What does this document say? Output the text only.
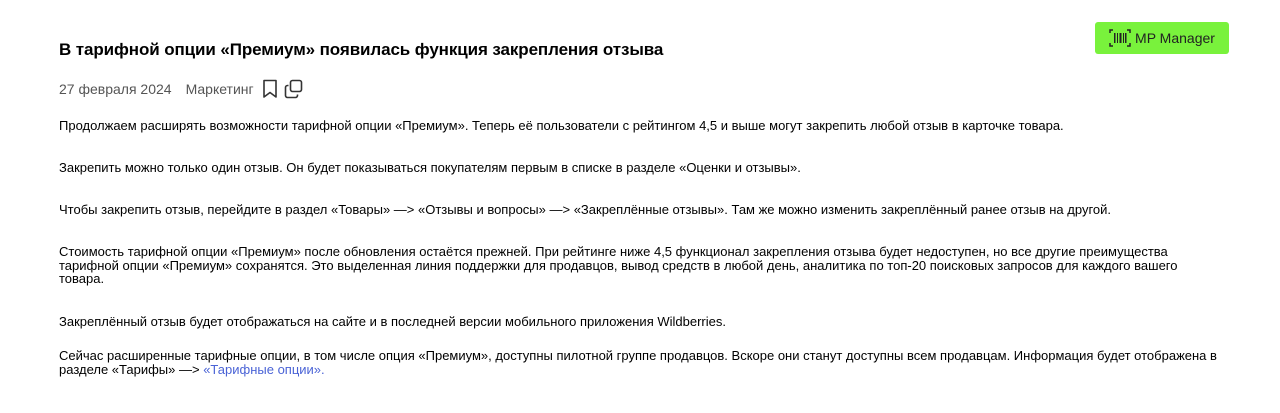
MP Manager
В тарифной опции «Премиум» появилась функция закрепления отзыва
27 февраля 2024 Маркетинг

Продолжаем расширять возможности тарифной опции «Премиум». Теперь её пользователи с рейтингом 4,5 и выше могут закрепить любой отзыв в карточке товара.

Закрепить можно только один отзыв. Он будет показываться покупателям первым в списке в разделе «Оценки и отзывы».

Чтобы закрепить отзыв, перейдите в раздел «Товары» —> «Отзывы и вопросы» —> «Закреплённые отзывы». Там же можно изменить закреплённый ранее отзыв на другой.

Стоимость тарифной опции «Премиум» после обновления остаётся прежней. При рейтинге ниже 4,5 функционал закрепления отзыва будет недоступен, но все другие преимущества тарифной опции «Премиум» сохранятся. Это выделенная линия поддержки для продавцов, вывод средств в любой день, аналитика по топ-20 поисковых запросов для каждого вашего товара.

Закреплённый отзыв будет отображаться на сайте и в последней версии мобильного приложения Wildberries.

Сейчас расширенные тарифные опции, в том числе опция «Премиум», доступны пилотной группе продавцов. Вскоре они станут доступны всем продавцам. Информация будет отображена в разделе «Тарифы» —> «Тарифные опции».
